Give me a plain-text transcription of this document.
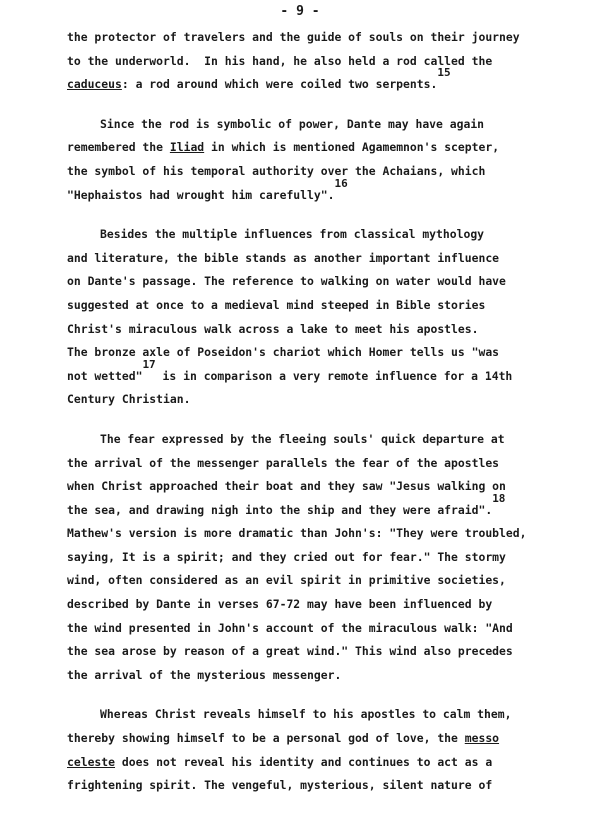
- 9 -
the protector of travelers and the guide of souls on their journey
to the underworld.  In his hand, he also held a rod called the
caduceus: a rod around which were coiled two serpents.15
Since the rod is symbolic of power, Dante may have again
remembered the Iliad in which is mentioned Agamemnon's scepter,
the symbol of his temporal authority over the Achaians, which
"Hephaistos had wrought him carefully".16
Besides the multiple influences from classical mythology
and literature, the bible stands as another important influence
on Dante's passage. The reference to walking on water would have
suggested at once to a medieval mind steeped in Bible stories
Christ's miraculous walk across a lake to meet his apostles.
The bronze axle of Poseidon's chariot which Homer tells us "was
not wetted"17 is in comparison a very remote influence for a 14th
Century Christian.
The fear expressed by the fleeing souls' quick departure at
the arrival of the messenger parallels the fear of the apostles
when Christ approached their boat and they saw "Jesus walking on
the sea, and drawing nigh into the ship and they were afraid".18
Mathew's version is more dramatic than John's: "They were troubled,
saying, It is a spirit; and they cried out for fear." The stormy
wind, often considered as an evil spirit in primitive societies,
described by Dante in verses 67-72 may have been influenced by
the wind presented in John's account of the miraculous walk: "And
the sea arose by reason of a great wind." This wind also precedes
the arrival of the mysterious messenger.
Whereas Christ reveals himself to his apostles to calm them,
thereby showing himself to be a personal god of love, the messo
celeste does not reveal his identity and continues to act as a
frightening spirit. The vengeful, mysterious, silent nature of
